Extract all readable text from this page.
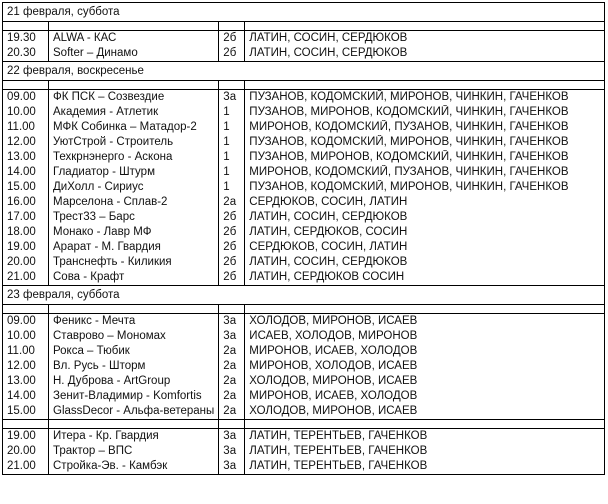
21 февраля, суббота			

19.30	ALWA - КАС	2б	ЛАТИН, СОСИН, СЕРДЮКОВ
20.30	Softer – Динамо	2б	ЛАТИН, СОСИН, СЕРДЮКОВ
22 февраля, воскресенье			

09.00	ФК ПСК – Созвездие	3а	ПУЗАНОВ, КОДОМСКИЙ, МИРОНОВ, ЧИНКИН, ГАЧЕНКОВ
10.00	Академия - Атлетик	1	ПУЗАНОВ, МИРОНОВ, КОДОМСКИЙ, ЧИНКИН, ГАЧЕНКОВ
11.00	МФК Собинка – Матадор-2	1	МИРОНОВ, КОДОМСКИЙ, ПУЗАНОВ, ЧИНКИН, ГАЧЕНКОВ
12.00	УютСтрой - Строитель	1	ПУЗАНОВ, КОДОМСКИЙ, МИРОНОВ, ЧИНКИН, ГАЧЕНКОВ
13.00	Техкрнэнерго - Аскона	1	ПУЗАНОВ, МИРОНОВ, КОДОМСКИЙ, ЧИНКИН, ГАЧЕНКОВ
14.00	Гладиатор - Штурм	1	МИРОНОВ, КОДОМСКИЙ, ПУЗАНОВ, ЧИНКИН, ГАЧЕНКОВ
15.00	ДиХолл - Сириус	1	ПУЗАНОВ, КОДОМСКИЙ, МИРОНОВ, ЧИНКИН, ГАЧЕНКОВ
16.00	Марселона - Сплав-2	2а	СЕРДЮКОВ, СОСИН, ЛАТИН
17.00	Трест33 – Барс	2б	ЛАТИН, СОСИН, СЕРДЮКОВ
18.00	Монако - Лавр МФ	2б	ЛАТИН, СЕРДЮКОВ, СОСИН
19.00	Арарат - М. Гвардия	2б	СЕРДЮКОВ, СОСИН, ЛАТИН
20.00	Транснефть - Киликия	2б	ЛАТИН, СОСИН, СЕРДЮКОВ
21.00	Сова - Крафт	2б	ЛАТИН, СЕРДЮКОВ СОСИН
23 февраля, суббота			

09.00	Феникс - Мечта	3а	ХОЛОДОВ, МИРОНОВ, ИСАЕВ
10.00	Ставрово – Мономах	3а	ИСАЕВ, ХОЛОДОВ, МИРОНОВ
11.00	Рокса – Тюбик	2а	МИРОНОВ, ИСАЕВ, ХОЛОДОВ
12.00	Вл. Русь - Шторм	2а	МИРОНОВ, ХОЛОДОВ, ИСАЕВ
13.00	Н. Дуброва - ArtGroup	2а	ХОЛОДОВ, МИРОНОВ, ИСАЕВ
14.00	Зенит-Владимир - Komfortis	2а	МИРОНОВ, ИСАЕВ, ХОЛОДОВ
15.00	GlassDecor - Альфа-ветераны	2а	ХОЛОДОВ, МИРОНОВ, ИСАЕВ

19.00	Итера - Кр. Гвардия	3а	ЛАТИН, ТЕРЕНТЬЕВ, ГАЧЕНКОВ
20.00	Трактор – ВПС	3а	ЛАТИН, ТЕРЕНТЬЕВ, ГАЧЕНКОВ
21.00	Стройка-Эв. - Камбэк	3а	ЛАТИН, ТЕРЕНТЬЕВ, ГАЧЕНКОВ
